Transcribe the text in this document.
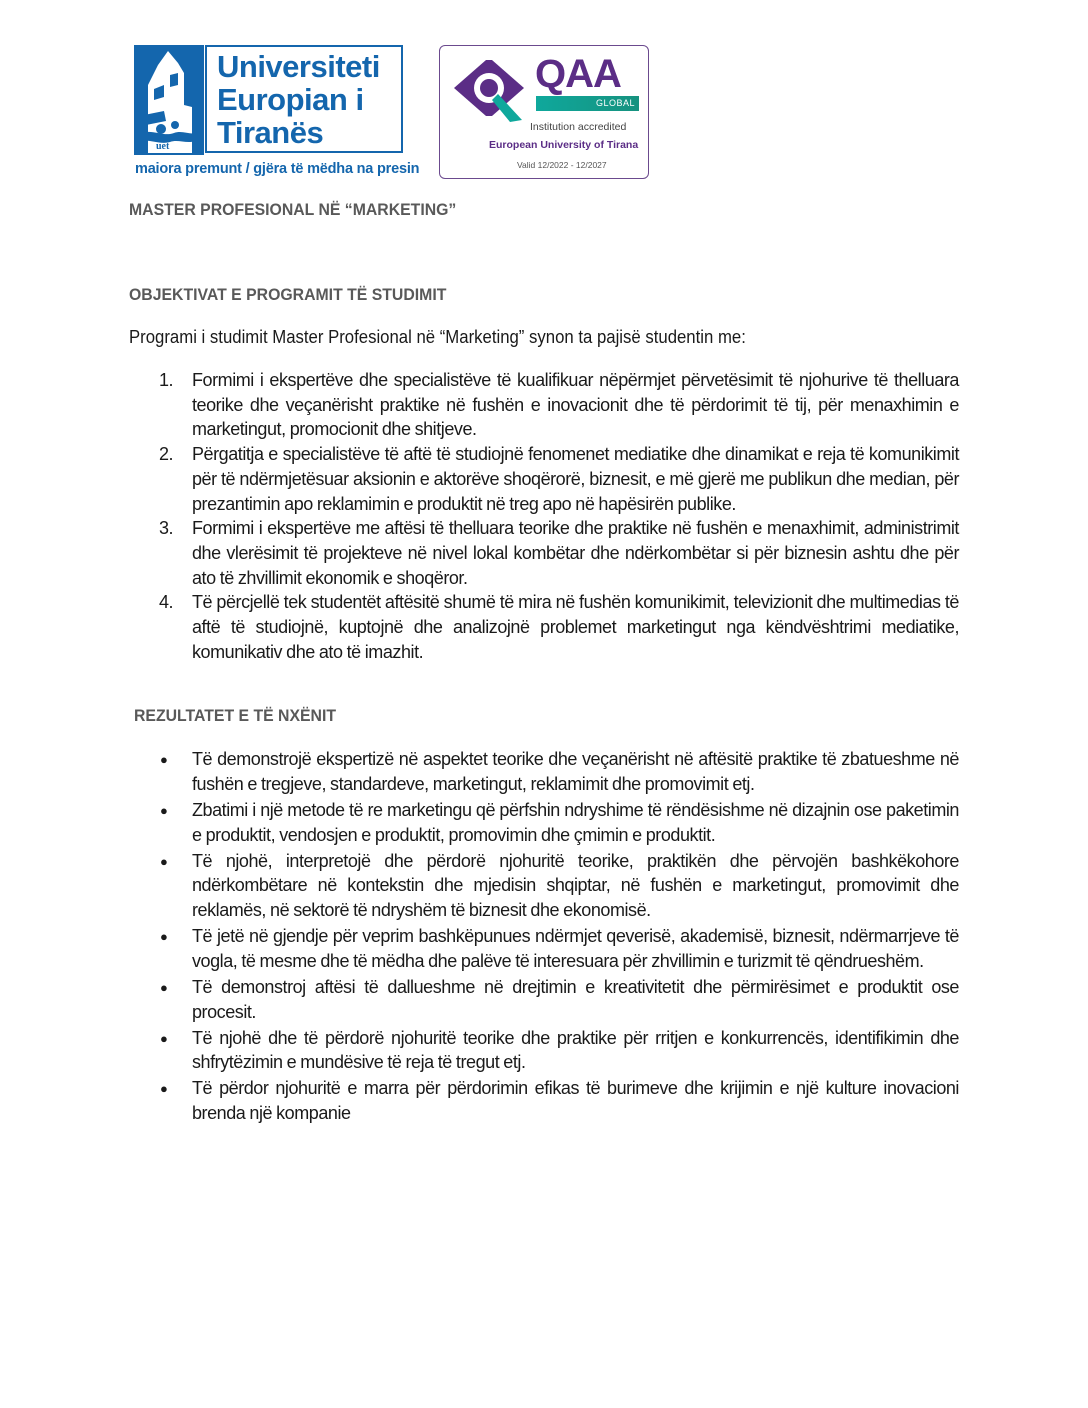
uet
Universiteti
Europian i
Tiranës
maiora premunt / gjëra të mëdha na presin
QAA
GLOBAL
Institution accredited
European University of Tirana
Valid 12/2022 - 12/2027
MASTER PROFESIONAL NË “MARKETING”
OBJEKTIVAT E PROGRAMIT TË STUDIMIT

Programi i studimit Master Profesional në “Marketing” synon ta pajisë studentin me:

1. Formimi i ekspertëve dhe specialistëve të kualifikuar nëpërmjet përvetësimit të njohurive të thelluara teorike dhe veçanërisht praktike në fushën e inovacionit dhe të përdorimit të tij, për menaxhimin e marketingut, promocionit dhe shitjeve.
2. Përgatitja e specialistëve të aftë të studiojnë fenomenet mediatike dhe dinamikat e reja të komunikimit për të ndërmjetësuar aksionin e aktorëve shoqërorë, biznesit, e më gjerë me publikun dhe median, për prezantimin apo reklamimin e produktit në treg apo në hapësirën publike.
3. Formimi i ekspertëve me aftësi të thelluara teorike dhe praktike në fushën e menaxhimit, administrimit dhe vlerësimit të projekteve në nivel lokal kombëtar dhe ndërkombëtar si për biznesin ashtu dhe për ato të zhvillimit ekonomik e shoqëror.
4. Të përcjellë tek studentët aftësitë shumë të mira në fushën komunikimit, televizionit dhe multimedias të aftë të studiojnë, kuptojnë dhe analizojnë problemet marketingut nga këndvështrimi mediatike, komunikativ dhe ato të imazhit.
REZULTATET E TË NXËNIT
● Të demonstrojë ekspertizë në aspektet teorike dhe veçanërisht në aftësitë praktike të zbatueshme në fushën e tregjeve, standardeve, marketingut, reklamimit dhe promovimit etj.
● Zbatimi i një metode të re marketingu që përfshin ndryshime të rëndësishme në dizajnin ose paketimin e produktit, vendosjen e produktit, promovimin dhe çmimin e produktit.
● Të njohë, interpretojë dhe përdorë njohuritë teorike, praktikën dhe përvojën bashkëkohore ndërkombëtare në kontekstin dhe mjedisin shqiptar, në fushën e marketingut, promovimit dhe reklamës, në sektorë të ndryshëm të biznesit dhe ekonomisë.
● Të jetë në gjendje për veprim bashkëpunues ndërmjet qeverisë, akademisë, biznesit, ndërmarrjeve të vogla, të mesme dhe të mëdha dhe palëve të interesuara për zhvillimin e turizmit të qëndrueshëm.
● Të demonstroj aftësi të dallueshme në drejtimin e kreativitetit dhe përmirësimet e produktit ose procesit.
● Të njohë dhe të përdorë njohuritë teorike dhe praktike për rritjen e konkurrencës, identifikimin dhe shfrytëzimin e mundësive të reja të tregut etj.
● Të përdor njohuritë e marra për përdorimin efikas të burimeve dhe krijimin e një kulture inovacioni brenda një kompanie
